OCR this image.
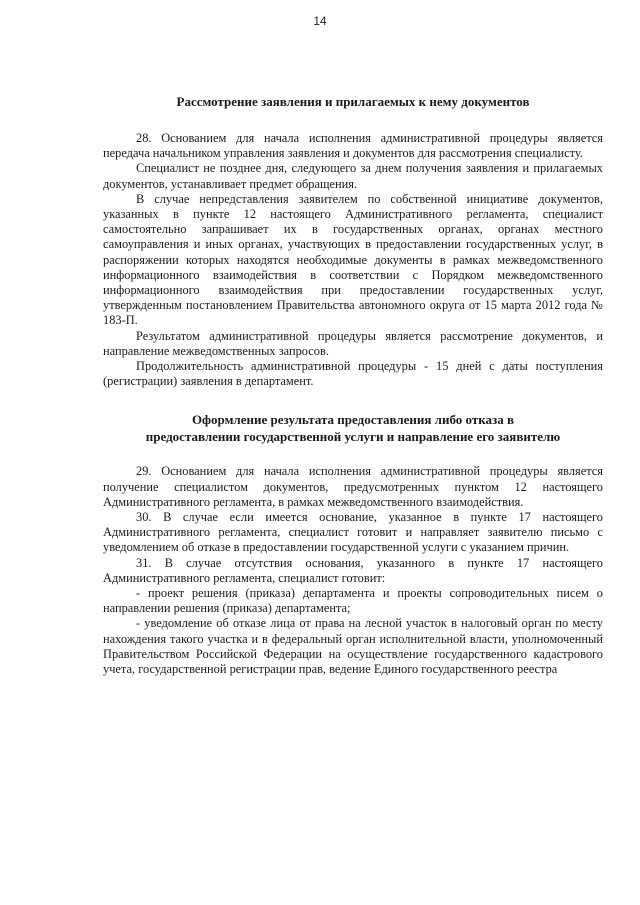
14
Рассмотрение заявления и прилагаемых к нему документов

28. Основанием для начала исполнения административной процедуры является передача начальником управления заявления и документов для рассмотрения специалисту.

Специалист не позднее дня, следующего за днем получения заявления и прилагаемых документов, устанавливает предмет обращения.

В случае непредставления заявителем по собственной инициативе документов, указанных в пункте 12 настоящего Административного регламента, специалист самостоятельно запрашивает их в государственных органах, органах местного самоуправления и иных органах, участвующих в предоставлении государственных услуг, в распоряжении которых находятся необходимые документы в рамках межведомственного информационного взаимодействия в соответствии с Порядком межведомственного информационного взаимодействия при предоставлении государственных услуг, утвержденным постановлением Правительства автономного округа от 15 марта 2012 года № 183-П.

Результатом административной процедуры является рассмотрение документов, и направление межведомственных запросов.

Продолжительность административной процедуры - 15 дней с даты поступления (регистрации) заявления в департамент.

Оформление результата предоставления либо отказа в
предоставлении государственной услуги и направление его заявителю

29. Основанием для начала исполнения административной процедуры является получение специалистом документов, предусмотренных пунктом 12 настоящего Административного регламента, в рамках межведомственного взаимодействия.

30. В случае если имеется основание, указанное в пункте 17 настоящего Административного регламента, специалист готовит и направляет заявителю письмо с уведомлением об отказе в предоставлении государственной услуги с указанием причин.

31. В случае отсутствия основания, указанного в пункте 17 настоящего Административного регламента, специалист готовит:

- проект решения (приказа) департамента и проекты сопроводительных писем о направлении решения (приказа) департамента;

- уведомление об отказе лица от права на лесной участок в налоговый орган по месту нахождения такого участка и в федеральный орган исполнительной власти, уполномоченный Правительством Российской Федерации на осуществление государственного кадастрового учета, государственной регистрации прав, ведение Единого государственного реестра
